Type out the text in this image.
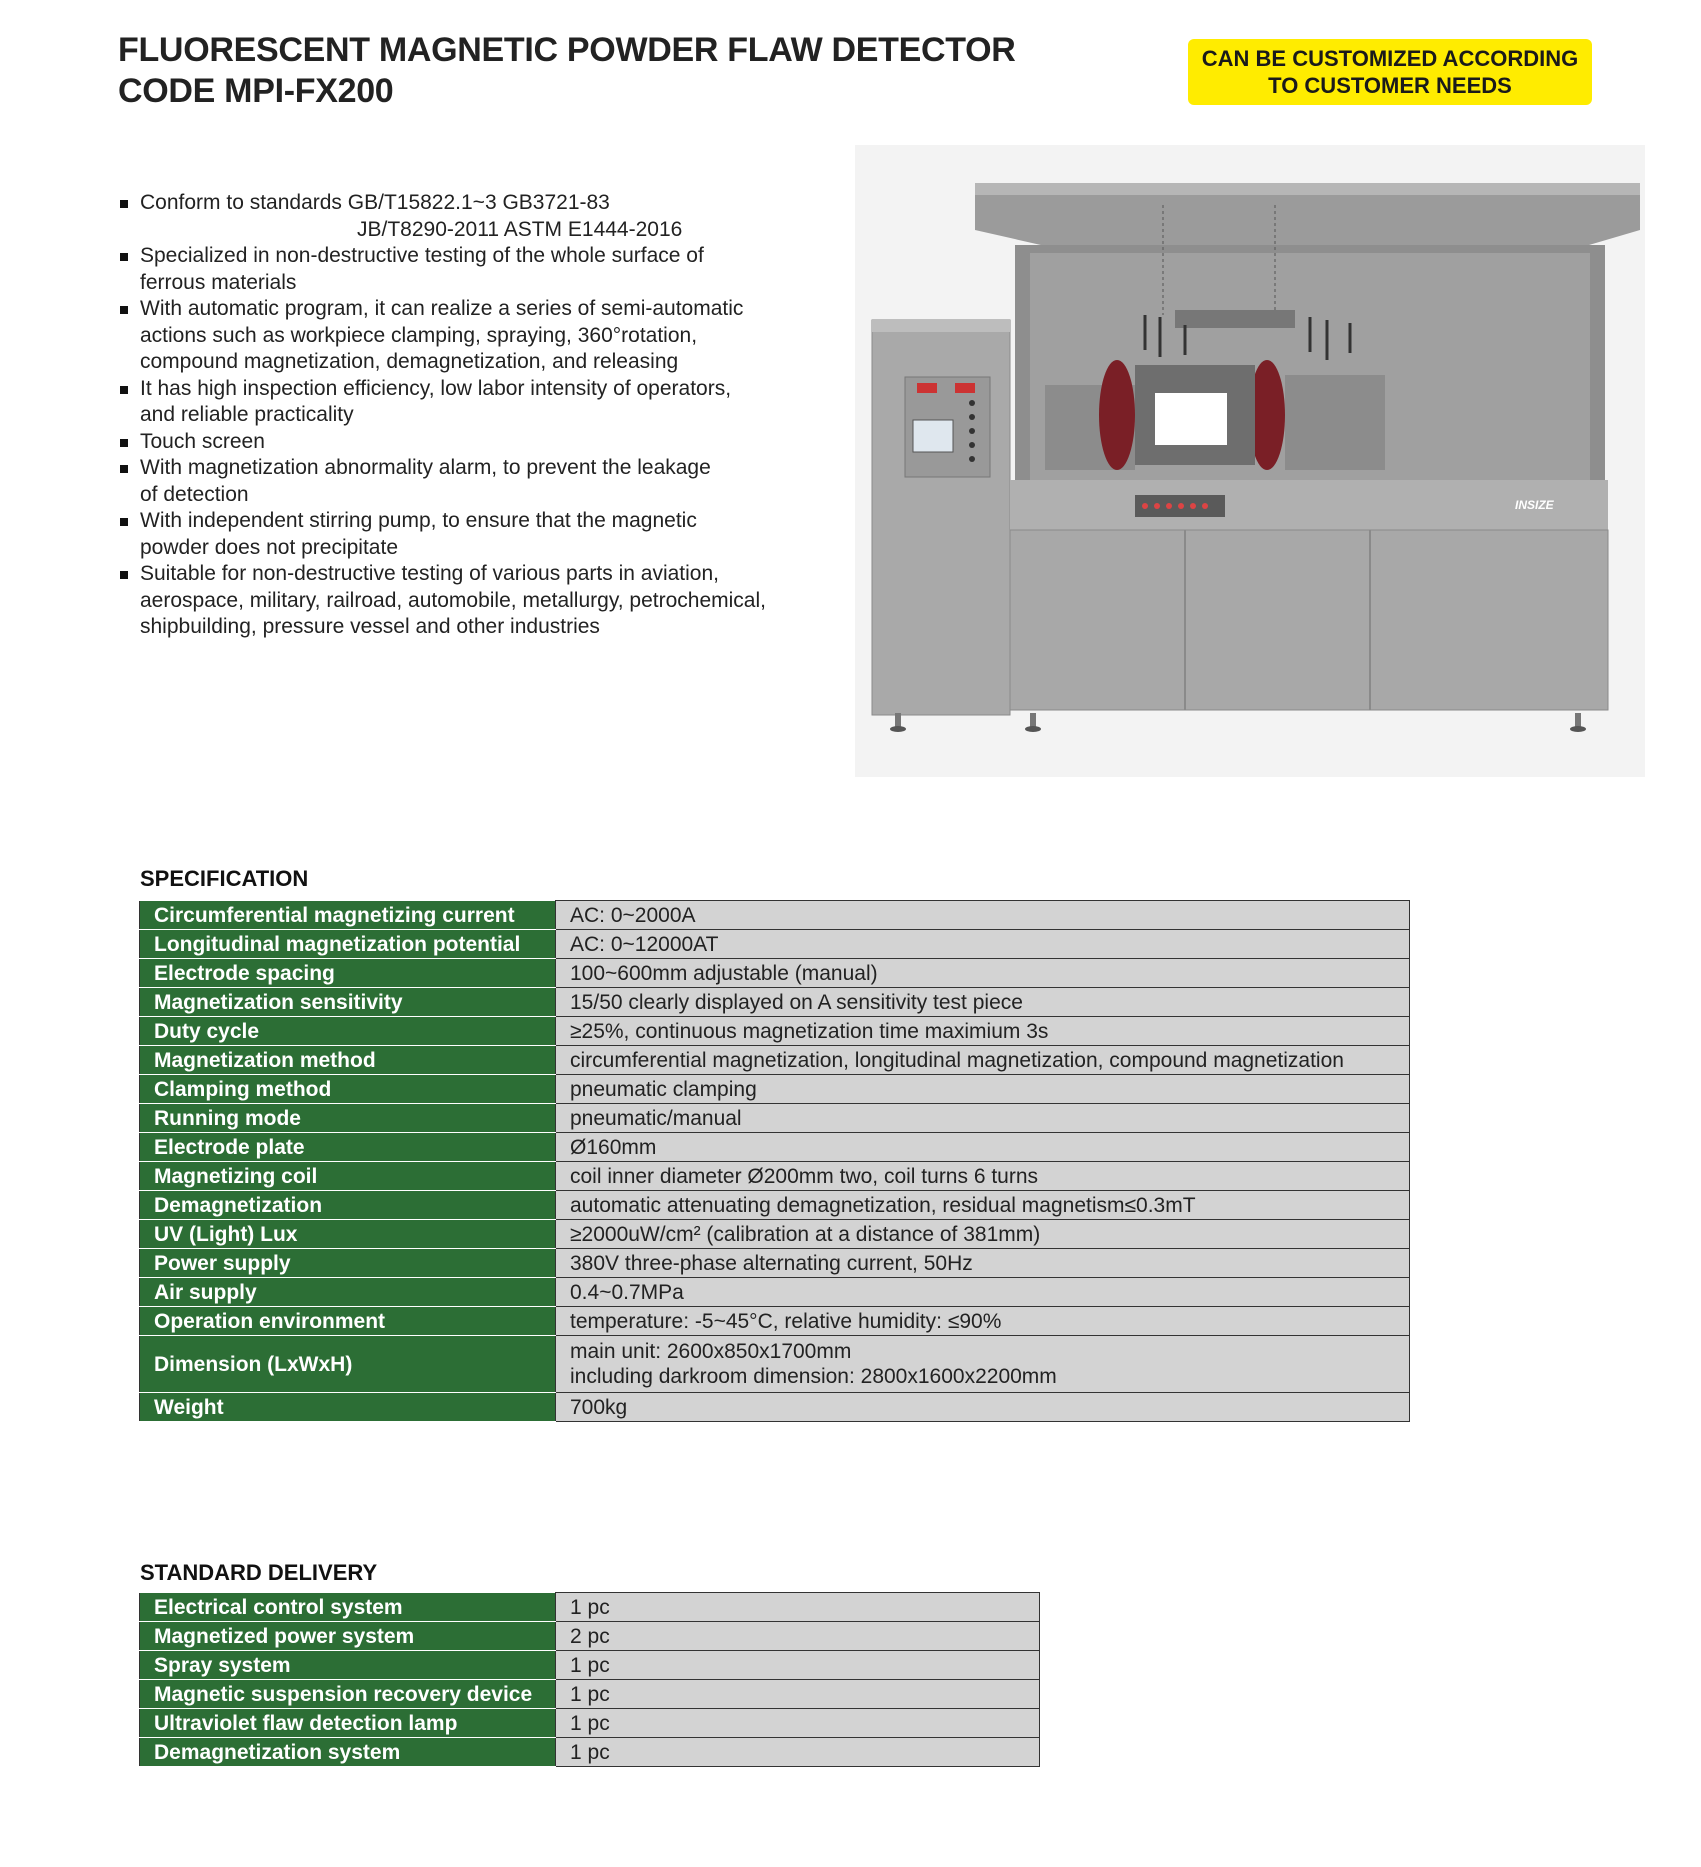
FLUORESCENT MAGNETIC POWDER FLAW DETECTOR
CODE MPI-FX200
CAN BE CUSTOMIZED ACCORDING
TO CUSTOMER NEEDS
Conform to standards GB/T15822.1~3 GB3721-83
JB/T8290-2011 ASTM E1444-2016
Specialized in non-destructive testing of the whole surface of
ferrous materials
With automatic program, it can realize a series of semi-automatic
actions such as workpiece clamping, spraying, 360°rotation,
compound magnetization, demagnetization, and releasing
It has high inspection efficiency, low labor intensity of operators,
and reliable practicality
Touch screen
With magnetization abnormality alarm, to prevent the leakage
of detection
With independent stirring pump, to ensure that the magnetic
powder does not precipitate
Suitable for non-destructive testing of various parts in aviation,
aerospace, military, railroad, automobile, metallurgy, petrochemical,
shipbuilding, pressure vessel and other industries
INSIZE
SPECIFICATION
Circumferential magnetizing current	AC: 0~2000A
Longitudinal magnetization potential	AC: 0~12000AT
Electrode spacing	100~600mm adjustable (manual)
Magnetization sensitivity	15/50 clearly displayed on A sensitivity test piece
Duty cycle	≥25%, continuous magnetization time maximium 3s
Magnetization method	circumferential magnetization, longitudinal magnetization, compound magnetization
Clamping method	pneumatic clamping
Running mode	pneumatic/manual
Electrode plate	Ø160mm
Magnetizing coil	coil inner diameter Ø200mm two, coil turns 6 turns
Demagnetization	automatic attenuating demagnetization, residual magnetism≤0.3mT
UV (Light) Lux	≥2000uW/cm² (calibration at a distance of 381mm)
Power supply	380V three-phase alternating current, 50Hz
Air supply	0.4~0.7MPa
Operation environment	temperature: -5~45°C, relative humidity: ≤90%
Dimension (LxWxH)	main unit: 2600x850x1700mm
including darkroom dimension: 2800x1600x2200mm

Weight	700kg
STANDARD DELIVERY
Electrical control system	1 pc
Magnetized power system	2 pc
Spray system	1 pc
Magnetic suspension recovery device	1 pc
Ultraviolet flaw detection lamp	1 pc
Demagnetization system	1 pc
